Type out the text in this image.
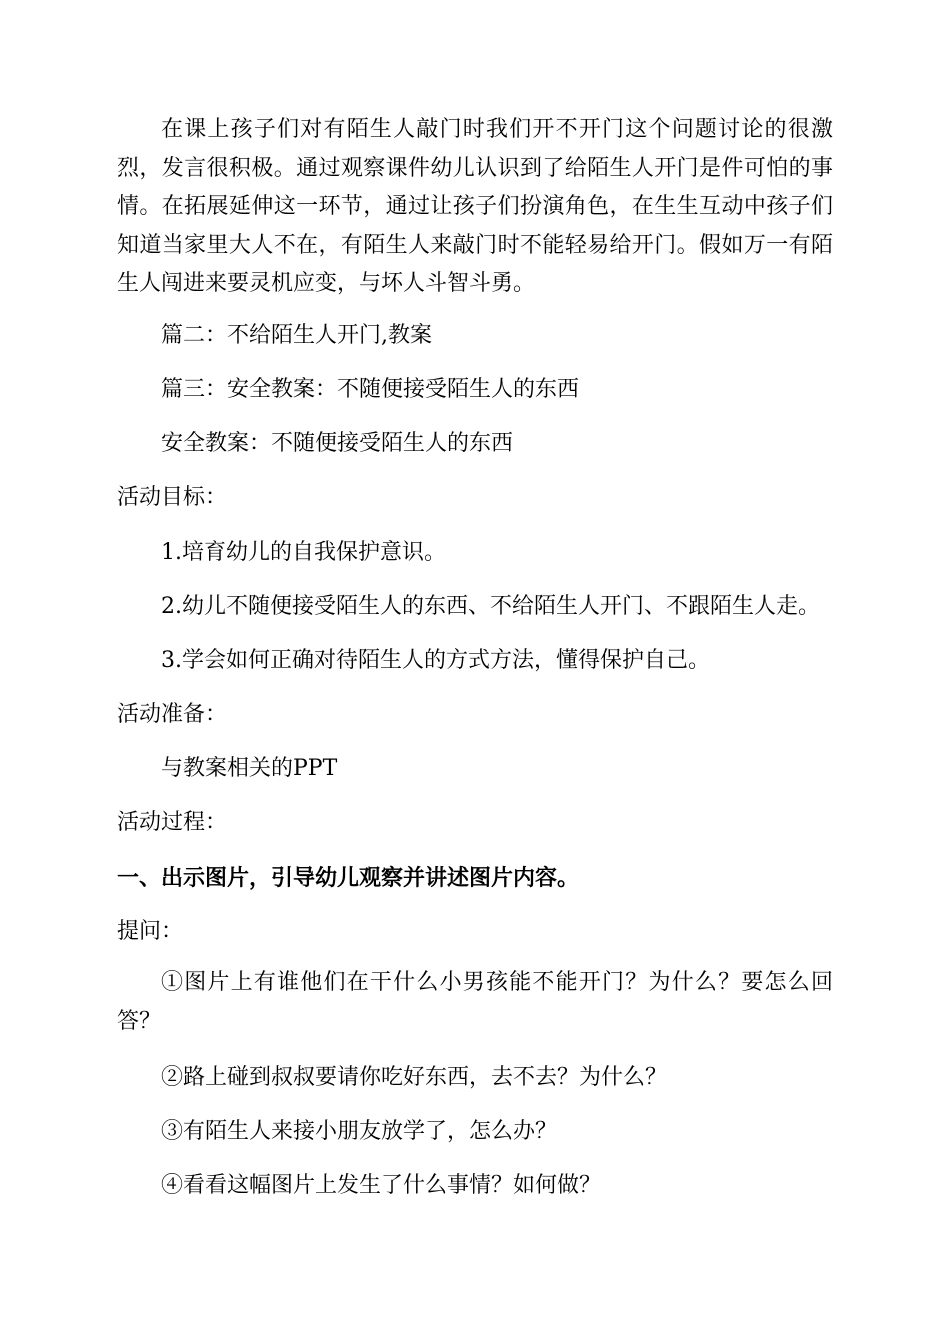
在课上孩子们对有陌生人敲门时我们开不开门这个问题讨论的很激烈，发言很积极。通过观察课件幼儿认识到了给陌生人开门是件可怕的事情。在拓展延伸这一环节，通过让孩子们扮演角色，在生生互动中孩子们知道当家里大人不在，有陌生人来敲门时不能轻易给开门。假如万一有陌生人闯进来要灵机应变，与坏人斗智斗勇。

篇二：不给陌生人开门,教案

篇三：安全教案：不随便接受陌生人的东西

安全教案：不随便接受陌生人的东西

活动目标：

1.培育幼儿的自我保护意识。

2.幼儿不随便接受陌生人的东西、不给陌生人开门、不跟陌生人走。

3.学会如何正确对待陌生人的方式方法，懂得保护自己。

活动准备：

与教案相关的PPT

活动过程：

一、出示图片，引导幼儿观察并讲述图片内容。

提问：

①图片上有谁他们在干什么小男孩能不能开门？为什么？要怎么回答？

②路上碰到叔叔要请你吃好东西，去不去？为什么？

③有陌生人来接小朋友放学了，怎么办？

④看看这幅图片上发生了什么事情？如何做？
